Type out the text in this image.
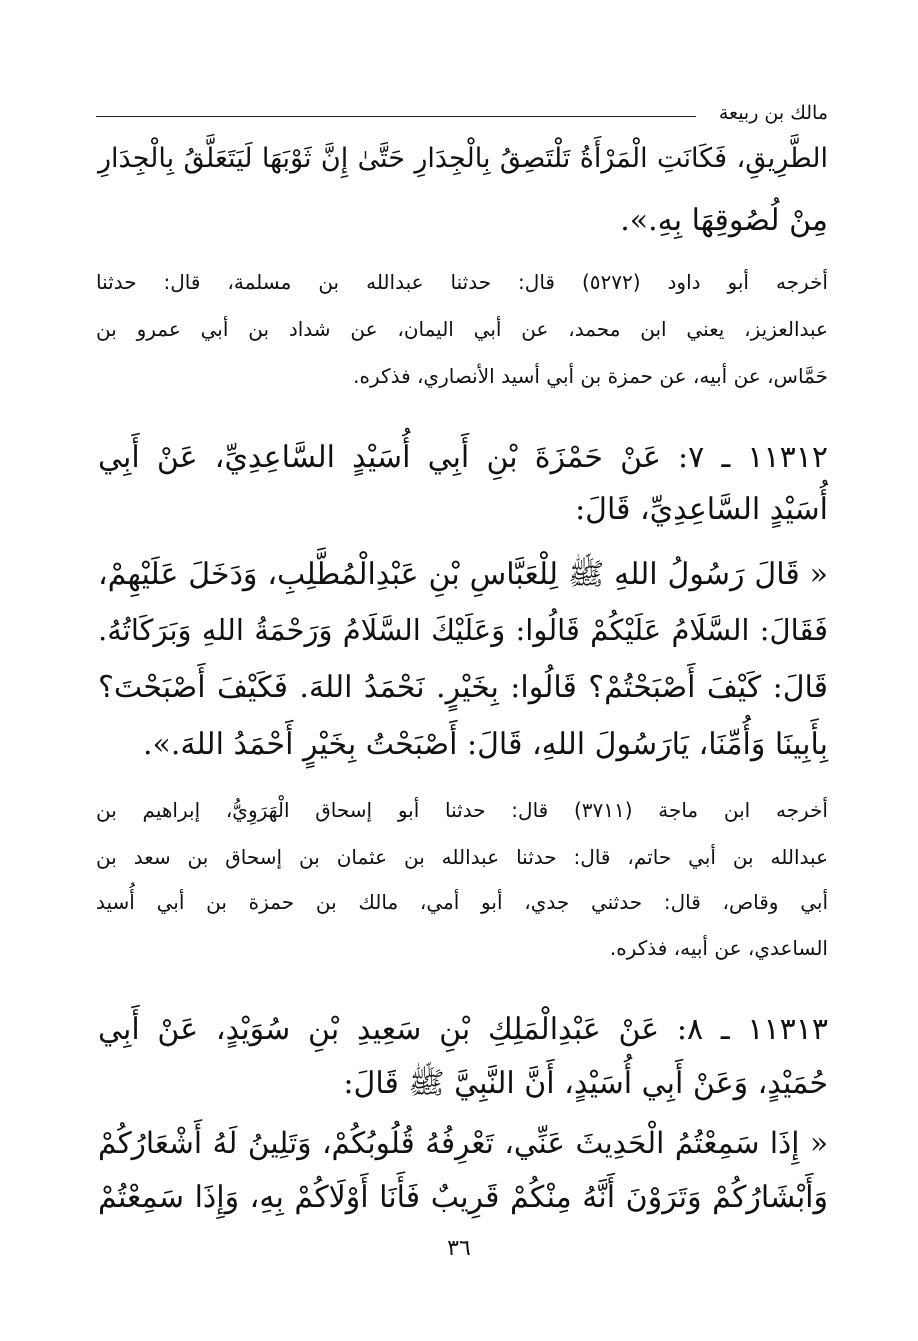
مالك بن ربيعة
الطَّرِيقِ، فَكَانَتِ الْمَرْأَةُ تَلْتَصِقُ بِالْجِدَارِ حَتَّىٰ إِنَّ ثَوْبَهَا لَيَتَعَلَّقُ بِالْجِدَارِ
مِنْ لُصُوقِهَا بِهِ.».
أخرجه أبو داود (٥٢٧٢) قال: حدثنا عبدالله بن مسلمة، قال: حدثنا
عبدالعزيز، يعني ابن محمد، عن أبي اليمان، عن شداد بن أبي عمرو بن
حَمَّاس، عن أبيه، عن حمزة بن أبي أسيد الأنصاري، فذكره.
١١٣١٢ ـ ٧: عَنْ حَمْزَةَ بْنِ أَبِي أُسَيْدٍ السَّاعِدِيِّ، عَنْ أَبِي
أُسَيْدٍ السَّاعِدِيِّ، قَالَ:
« قَالَ رَسُولُ اللهِ ﷺ لِلْعَبَّاسِ بْنِ عَبْدِالْمُطَّلِبِ، وَدَخَلَ عَلَيْهِمْ،
فَقَالَ: السَّلَامُ عَلَيْكُمْ قَالُوا: وَعَلَيْكَ السَّلَامُ وَرَحْمَةُ اللهِ وَبَرَكَاتُهُ.
قَالَ: كَيْفَ أَصْبَحْتُمْ؟ قَالُوا: بِخَيْرٍ. نَحْمَدُ اللهَ. فَكَيْفَ أَصْبَحْتَ؟
بِأَبِينَا وَأُمِّنَا، يَارَسُولَ اللهِ، قَالَ: أَصْبَحْتُ بِخَيْرٍ أَحْمَدُ اللهَ.».
أخرجه ابن ماجة (٣٧١١) قال: حدثنا أبو إسحاق الْهَرَوِيُّ، إبراهيم بن
عبدالله بن أبي حاتم، قال: حدثنا عبدالله بن عثمان بن إسحاق بن سعد بن
أبي وقاص، قال: حدثني جدي، أبو أمي، مالك بن حمزة بن أبي أُسيد
الساعدي، عن أبيه، فذكره.
١١٣١٣ ـ ٨: عَنْ عَبْدِالْمَلِكِ بْنِ سَعِيدِ بْنِ سُوَيْدٍ، عَنْ أَبِي
حُمَيْدٍ، وَعَنْ أَبِي أُسَيْدٍ، أَنَّ النَّبِيَّ ﷺ قَالَ:
« إِذَا سَمِعْتُمُ الْحَدِيثَ عَنِّي، تَعْرِفُهُ قُلُوبُكُمْ، وَتَلِينُ لَهُ أَشْعَارُكُمْ
وَأَبْشَارُكُمْ وَتَرَوْنَ أَنَّهُ مِنْكُمْ قَرِيبٌ فَأَنَا أَوْلَاكُمْ بِهِ، وَإِذَا سَمِعْتُمْ
٣٦
